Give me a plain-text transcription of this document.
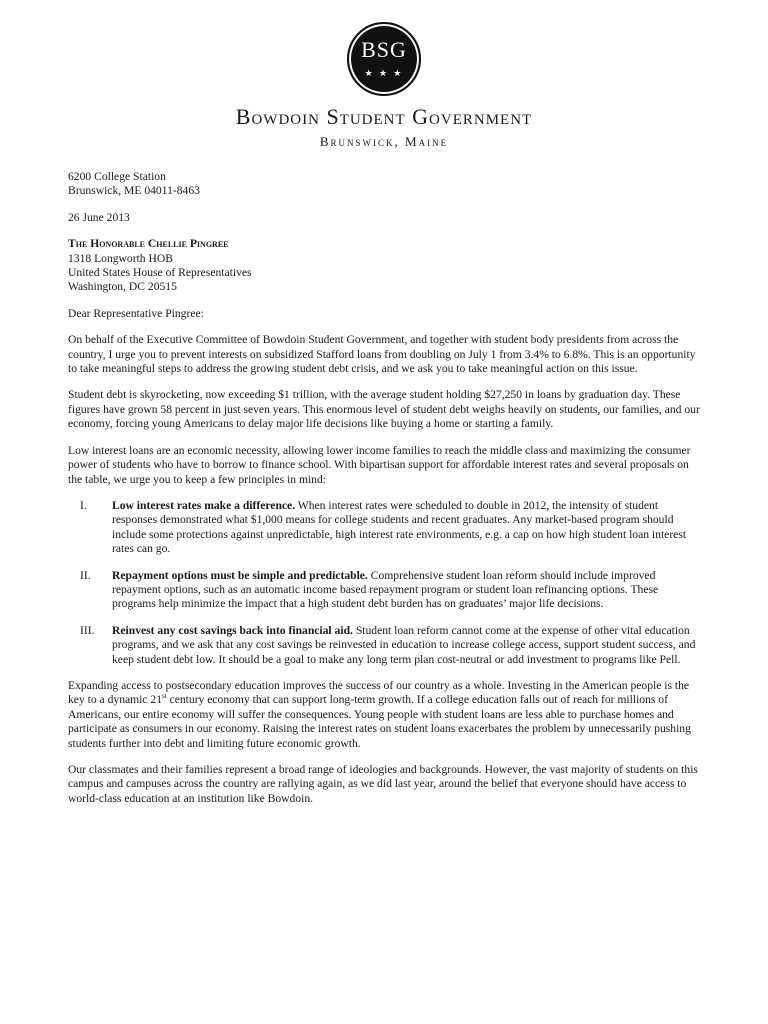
BSG
★ ★ ★
Bowdoin Student Government
Brunswick, Maine

6200 College Station
Brunswick, ME 04011-8463

26 June 2013

The Honorable Chellie Pingree
1318 Longworth HOB
United States House of Representatives
Washington, DC 20515

Dear Representative Pingree:

On behalf of the Executive Committee of Bowdoin Student Government, and together with student body presidents from across the country, I urge you to prevent interests on subsidized Stafford loans from doubling on July 1 from 3.4% to 6.8%. This is an opportunity to take meaningful steps to address the growing student debt crisis, and we ask you to take meaningful action on this issue.

Student debt is skyrocketing, now exceeding $1 trillion, with the average student holding $27,250 in loans by graduation day. These figures have grown 58 percent in just seven years. This enormous level of student debt weighs heavily on students, our families, and our economy, forcing young Americans to delay major life decisions like buying a home or starting a family.

Low interest loans are an economic necessity, allowing lower income families to reach the middle class and maximizing the consumer power of students who have to borrow to finance school. With bipartisan support for affordable interest rates and several proposals on the table, we urge you to keep a few principles in mind:

I.	Low interest rates make a difference. When interest rates were scheduled to double in 2012, the intensity of student responses demonstrated what $1,000 means for college students and recent graduates. Any market-based program should include some protections against unpredictable, high interest rate environments, e.g. a cap on how high student loan interest rates can go.
II.	Repayment options must be simple and predictable. Comprehensive student loan reform should include improved repayment options, such as an automatic income based repayment program or student loan refinancing options. These programs help minimize the impact that a high student debt burden has on graduates’ major life decisions.
III.	Reinvest any cost savings back into financial aid. Student loan reform cannot come at the expense of other vital education programs, and we ask that any cost savings be reinvested in education to increase college access, support student success, and keep student debt low. It should be a goal to make any long term plan cost-neutral or add investment to programs like Pell.

Expanding access to postsecondary education improves the success of our country as a whole. Investing in the American people is the key to a dynamic 21st century economy that can support long-term growth. If a college education falls out of reach for millions of Americans, our entire economy will suffer the consequences. Young people with student loans are less able to purchase homes and participate as consumers in our economy. Raising the interest rates on student loans exacerbates the problem by unnecessarily pushing students further into debt and limiting future economic growth.

Our classmates and their families represent a broad range of ideologies and backgrounds. However, the vast majority of students on this campus and campuses across the country are rallying again, as we did last year, around the belief that everyone should have access to world-class education at an institution like Bowdoin.
